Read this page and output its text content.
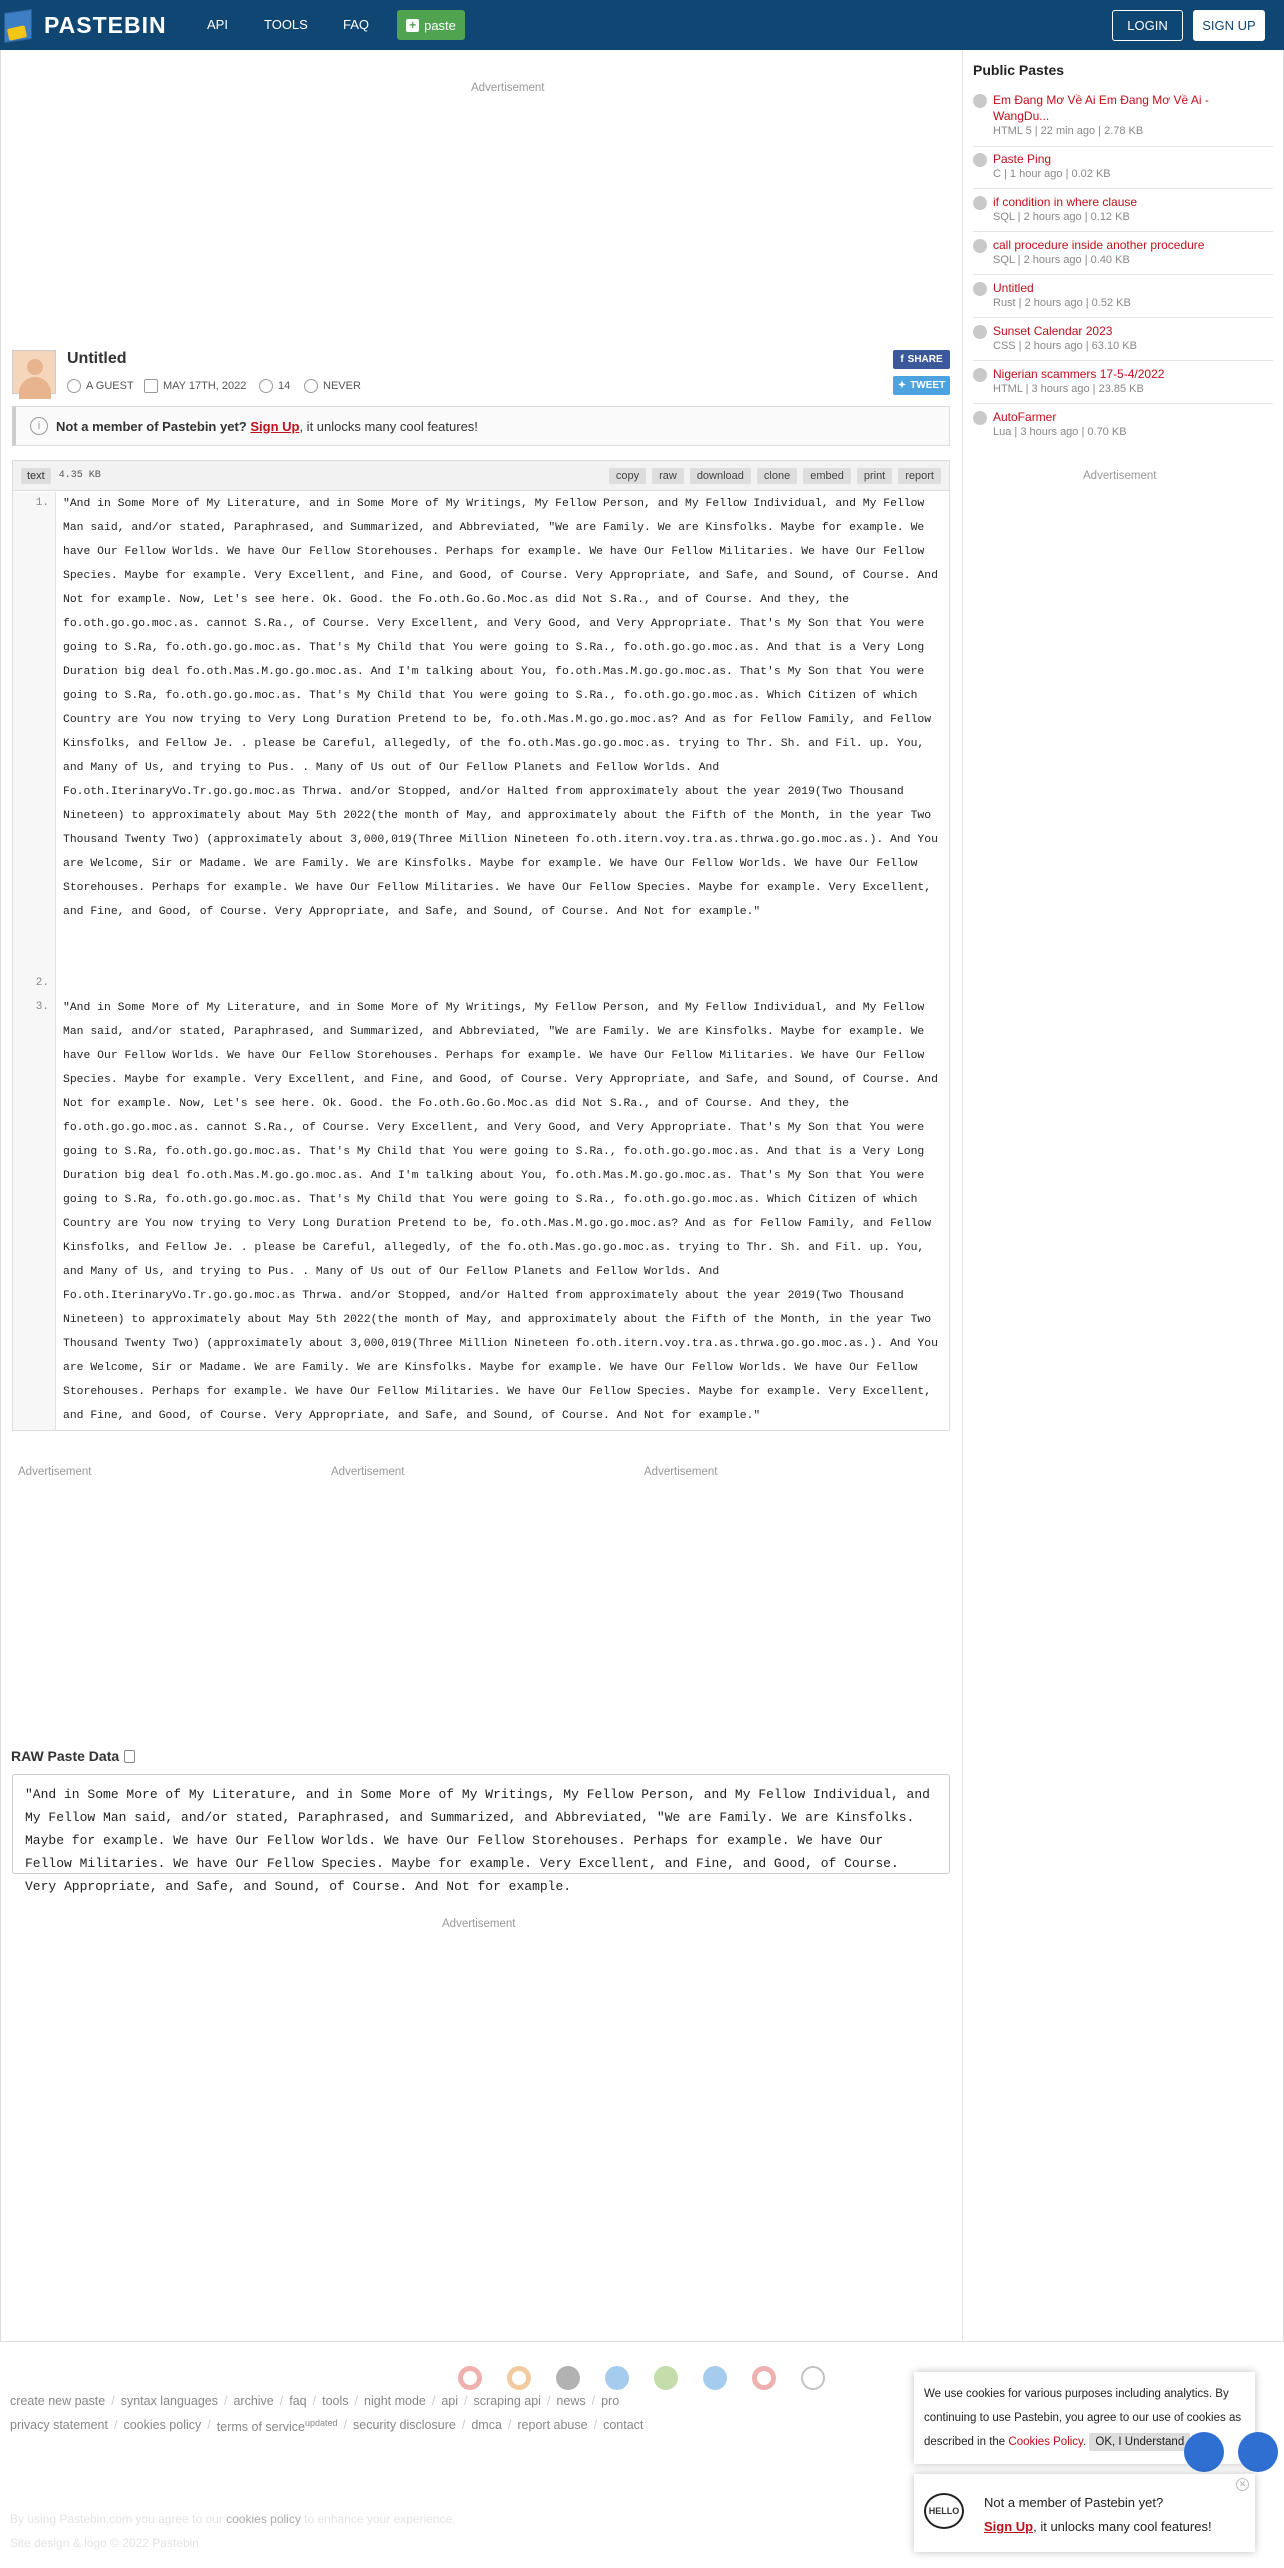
PASTEBIN	API	TOOLS	FAQ	+ paste	LOGIN	SIGN UP
Advertisement
Untitled
A GUEST	MAY 17TH, 2022	14	NEVER
f SHARE
✦ TWEET
i	Not a member of Pastebin yet?
Sign Up , it unlocks many cool features!
text	4.35 KB	copy	raw	download	clone	embed	print	report
1.
2.
3.
"And in Some More of My Literature, and in Some More of My Writings, My Fellow Person, and My Fellow Individual, and My Fellow Man said, and/or stated, Paraphrased, and Summarized, and Abbreviated, "We are Family. We are Kinsfolks. Maybe for example. We have Our Fellow Worlds. We have Our Fellow Storehouses. Perhaps for example. We have Our Fellow Militaries. We have Our Fellow Species. Maybe for example. Very Excellent, and Fine, and Good, of Course. Very Appropriate, and Safe, and Sound, of Course. And Not for example. Now, Let's see here. Ok. Good. the Fo.oth.Go.Go.Moc.as did Not S.Ra., and of Course. And they, the fo.oth.go.go.moc.as. cannot S.Ra., of Course. Very Excellent, and Very Good, and Very Appropriate. That's My Son that You were going to S.Ra, fo.oth.go.go.moc.as. That's My Child that You were going to S.Ra., fo.oth.go.go.moc.as. And that is a Very Long Duration big deal fo.oth.Mas.M.go.go.moc.as. And I'm talking about You, fo.oth.Mas.M.go.go.moc.as. That's My Son that You were going to S.Ra, fo.oth.go.go.moc.as. That's My Child that You were going to S.Ra., fo.oth.go.go.moc.as. Which Citizen of which Country are You now trying to Very Long Duration Pretend to be, fo.oth.Mas.M.go.go.moc.as? And as for Fellow Family, and Fellow Kinsfolks, and Fellow Je. . please be Careful, allegedly, of the fo.oth.Mas.go.go.moc.as. trying to Thr. Sh. and Fil. up. You, and Many of Us, and trying to Pus. . Many of Us out of Our Fellow Planets and Fellow Worlds. And Fo.oth.IterinaryVo.Tr.go.go.moc.as Thrwa. and/or Stopped, and/or Halted from approximately about the year 2019(Two Thousand Nineteen) to approximately about May 5th 2022(the month of May, and approximately about the Fifth of the Month, in the year Two Thousand Twenty Two) (approximately about 3,000,019(Three Million Nineteen fo.oth.itern.voy.tra.as.thrwa.go.go.moc.as.). And You are Welcome, Sir or Madame. We are Family. We are Kinsfolks. Maybe for example. We have Our Fellow Worlds. We have Our Fellow Storehouses. Perhaps for example. We have Our Fellow Militaries. We have Our Fellow Species. Maybe for example. Very Excellent, and Fine, and Good, of Course. Very Appropriate, and Safe, and Sound, of Course. And Not for example."
"And in Some More of My Literature, and in Some More of My Writings, My Fellow Person, and My Fellow Individual, and My Fellow Man said, and/or stated, Paraphrased, and Summarized, and Abbreviated, "We are Family. We are Kinsfolks. Maybe for example. We have Our Fellow Worlds. We have Our Fellow Storehouses. Perhaps for example. We have Our Fellow Militaries. We have Our Fellow Species. Maybe for example. Very Excellent, and Fine, and Good, of Course. Very Appropriate, and Safe, and Sound, of Course. And Not for example. Now, Let's see here. Ok. Good. the Fo.oth.Go.Go.Moc.as did Not S.Ra., and of Course. And they, the fo.oth.go.go.moc.as. cannot S.Ra., of Course. Very Excellent, and Very Good, and Very Appropriate. That's My Son that You were going to S.Ra, fo.oth.go.go.moc.as. That's My Child that You were going to S.Ra., fo.oth.go.go.moc.as. And that is a Very Long Duration big deal fo.oth.Mas.M.go.go.moc.as. And I'm talking about You, fo.oth.Mas.M.go.go.moc.as. That's My Son that You were going to S.Ra, fo.oth.go.go.moc.as. That's My Child that You were going to S.Ra., fo.oth.go.go.moc.as. Which Citizen of which Country are You now trying to Very Long Duration Pretend to be, fo.oth.Mas.M.go.go.moc.as? And as for Fellow Family, and Fellow Kinsfolks, and Fellow Je. . please be Careful, allegedly, of the fo.oth.Mas.go.go.moc.as. trying to Thr. Sh. and Fil. up. You, and Many of Us, and trying to Pus. . Many of Us out of Our Fellow Planets and Fellow Worlds. And Fo.oth.IterinaryVo.Tr.go.go.moc.as Thrwa. and/or Stopped, and/or Halted from approximately about the year 2019(Two Thousand Nineteen) to approximately about May 5th 2022(the month of May, and approximately about the Fifth of the Month, in the year Two Thousand Twenty Two) (approximately about 3,000,019(Three Million Nineteen fo.oth.itern.voy.tra.as.thrwa.go.go.moc.as.). And You are Welcome, Sir or Madame. We are Family. We are Kinsfolks. Maybe for example. We have Our Fellow Worlds. We have Our Fellow Storehouses. Perhaps for example. We have Our Fellow Militaries. We have Our Fellow Species. Maybe for example. Very Excellent, and Fine, and Good, of Course. Very Appropriate, and Safe, and Sound, of Course. And Not for example."
Advertisement	Advertisement	Advertisement
RAW Paste Data
"And in Some More of My Literature, and in Some More of My Writings, My Fellow Person, and My Fellow Individual, and My Fellow Man said, and/or stated, Paraphrased, and Summarized, and Abbreviated, "We are Family. We are Kinsfolks. Maybe for example. We have Our Fellow Worlds. We have Our Fellow Storehouses. Perhaps for example. We have Our Fellow Militaries. We have Our Fellow Species. Maybe for example. Very Excellent, and Fine, and Good, of Course. Very Appropriate, and Safe, and Sound, of Course. And Not for example.
Advertisement
Public Pastes
Em Đang Mơ Về Ai Em Đang Mơ Về Ai - WangDu...
HTML 5 | 22 min ago | 2.78 KB
Paste Ping
C | 1 hour ago | 0.02 KB
if condition in where clause
SQL | 2 hours ago | 0.12 KB
call procedure inside another procedure
SQL | 2 hours ago | 0.40 KB
Untitled
Rust | 2 hours ago | 0.52 KB
Sunset Calendar 2023
CSS | 2 hours ago | 63.10 KB
Nigerian scammers 17-5-4/2022
HTML | 3 hours ago | 23.85 KB
AutoFarmer
Lua | 3 hours ago | 0.70 KB
Advertisement
create new paste / syntax languages / archive / faq / tools / night mode / api / scraping api / news / pro
privacy statement / cookies policy / terms of service$^{updated}$ / security disclosure / dmca / report abuse / contact
By using Pastebin.com you agree to our cookies policy to enhance your experience.
Site design & logo © 2022 Pastebin
We use cookies for various purposes including analytics. By continuing to use Pastebin, you agree to our use of cookies as described in the Cookies Policy. OK, I Understand
✕
HELLO
Not a member of Pastebin yet?
Sign Up, it unlocks many cool features!
